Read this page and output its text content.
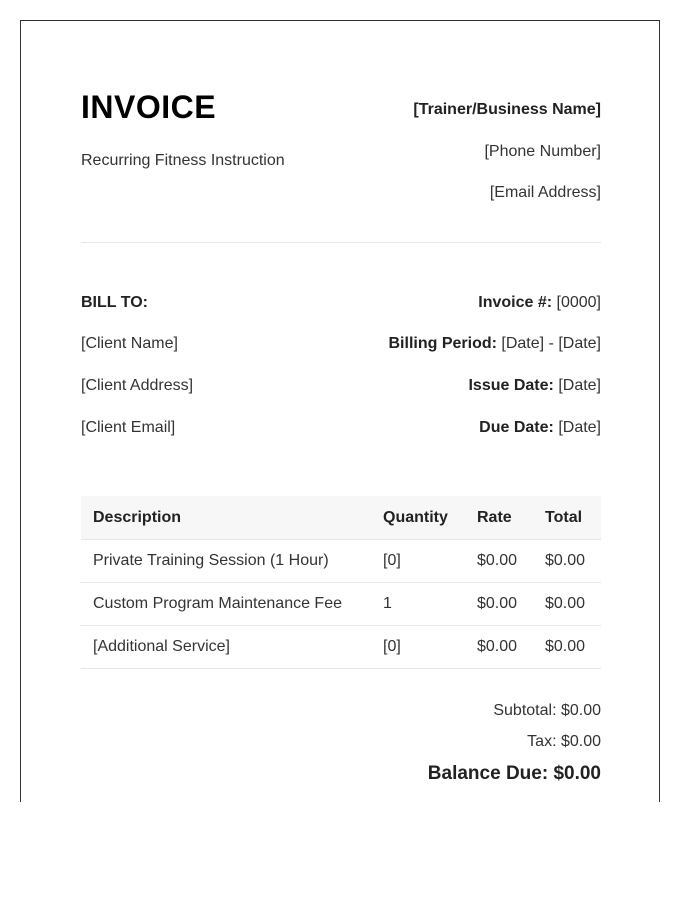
INVOICE
Recurring Fitness Instruction
[Trainer/Business Name]
[Phone Number]
[Email Address]
BILL TO:
[Client Name]
[Client Address]
[Client Email]
Invoice #: [0000]
Billing Period: [Date] - [Date]
Issue Date: [Date]
Due Date: [Date]
Description	Quantity	Rate	Total
Private Training Session (1 Hour)	[0]	$0.00	$0.00
Custom Program Maintenance Fee	1	$0.00	$0.00
[Additional Service]	[0]	$0.00	$0.00
Subtotal: $0.00
Tax: $0.00
Balance Due: $0.00
